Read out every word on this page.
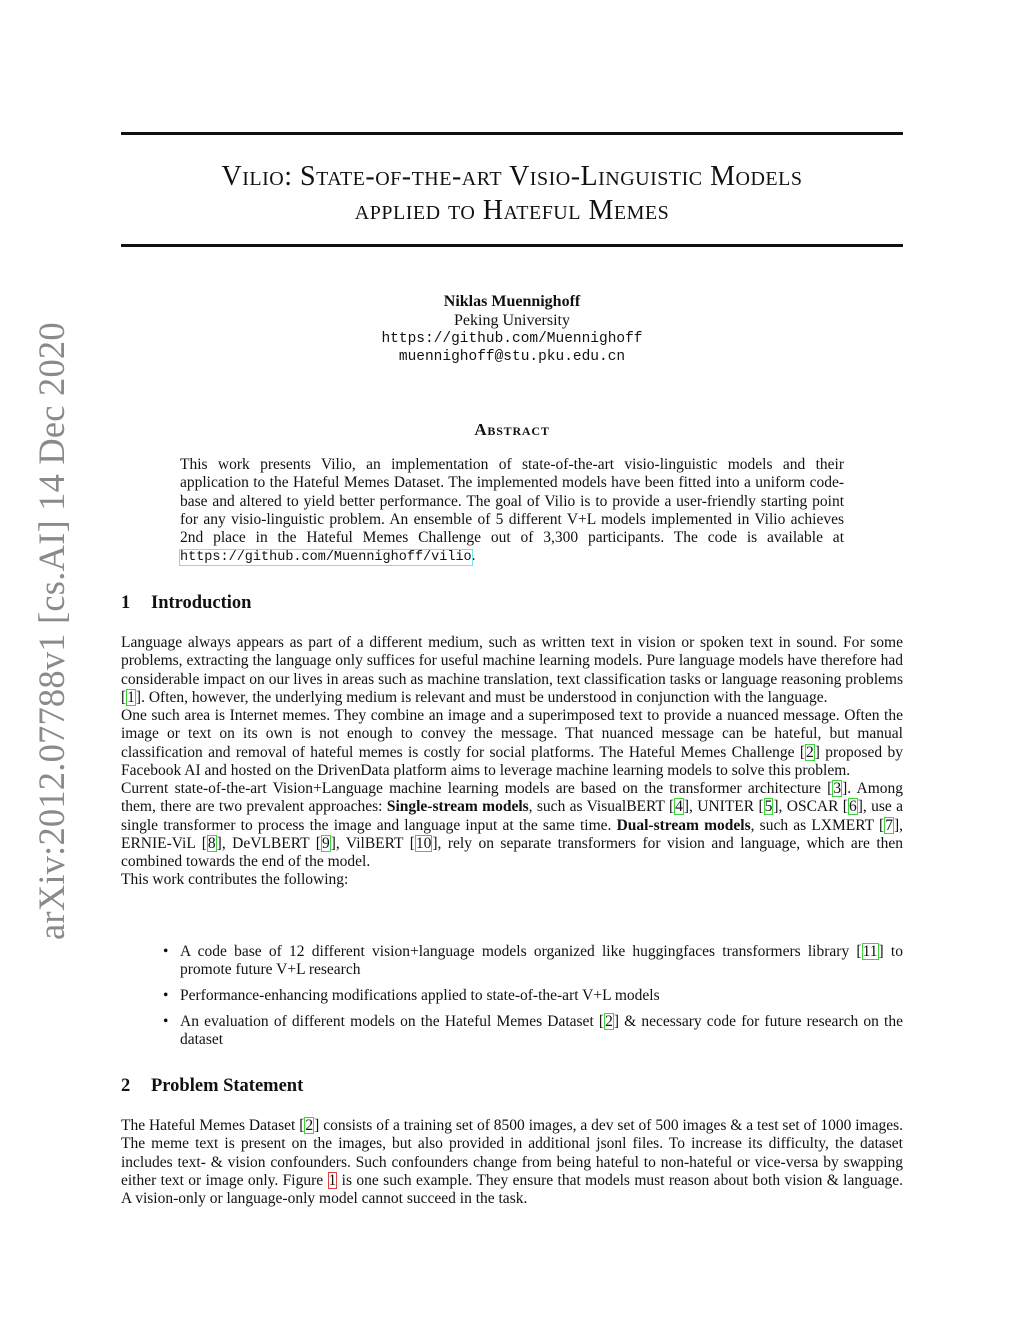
arXiv:2012.07788v1 [cs.AI] 14 Dec 2020
Vilio: State-of-the-art Visio-Linguistic Models
applied to Hateful Memes
Niklas Muennighoff
Peking University
https://github.com/Muennighoff
muennighoff@stu.pku.edu.cn
Abstract
This work presents Vilio, an implementation of state-of-the-art visio-linguistic models and their application to the Hateful Memes Dataset. The implemented models have been fitted into a uniform code-base and altered to yield better performance. The goal of Vilio is to provide a user-friendly starting point for any visio-linguistic problem. An ensemble of 5 different V+L models implemented in Vilio achieves 2nd place in the Hateful Memes Challenge out of 3,300 participants. The code is available at https://github.com/Muennighoff/vilio.
1 Introduction

Language always appears as part of a different medium, such as written text in vision or spoken text in sound. For some problems, extracting the language only suffices for useful machine learning models. Pure language models have therefore had considerable impact on our lives in areas such as machine translation, text classification tasks or language reasoning problems [1]. Often, however, the underlying medium is relevant and must be understood in conjunction with the language.

One such area is Internet memes. They combine an image and a superimposed text to provide a nuanced message. Often the image or text on its own is not enough to convey the message. That nuanced message can be hateful, but manual classification and removal of hateful memes is costly for social platforms. The Hateful Memes Challenge [2] proposed by Facebook AI and hosted on the DrivenData platform aims to leverage machine learning models to solve this problem.

Current state-of-the-art Vision+Language machine learning models are based on the transformer architecture [3]. Among them, there are two prevalent approaches: Single-stream models, such as VisualBERT [4], UNITER [5], OSCAR [6], use a single transformer to process the image and language input at the same time. Dual-stream models, such as LXMERT [7], ERNIE-ViL [8], DeVLBERT [9], VilBERT [10], rely on separate transformers for vision and language, which are then combined towards the end of the model.

This work contributes the following:

• A code base of 12 different vision+language models organized like huggingfaces transformers library [11] to promote future V+L research
• Performance-enhancing modifications applied to state-of-the-art V+L models
• An evaluation of different models on the Hateful Memes Dataset [2] & necessary code for future research on the dataset
2 Problem Statement

The Hateful Memes Dataset [2] consists of a training set of 8500 images, a dev set of 500 images & a test set of 1000 images. The meme text is present on the images, but also provided in additional jsonl files. To increase its difficulty, the dataset includes text- & vision confounders. Such confounders change from being hateful to non-hateful or vice-versa by swapping either text or image only. Figure 1 is one such example. They ensure that models must reason about both vision & language. A vision-only or language-only model cannot succeed in the task.
